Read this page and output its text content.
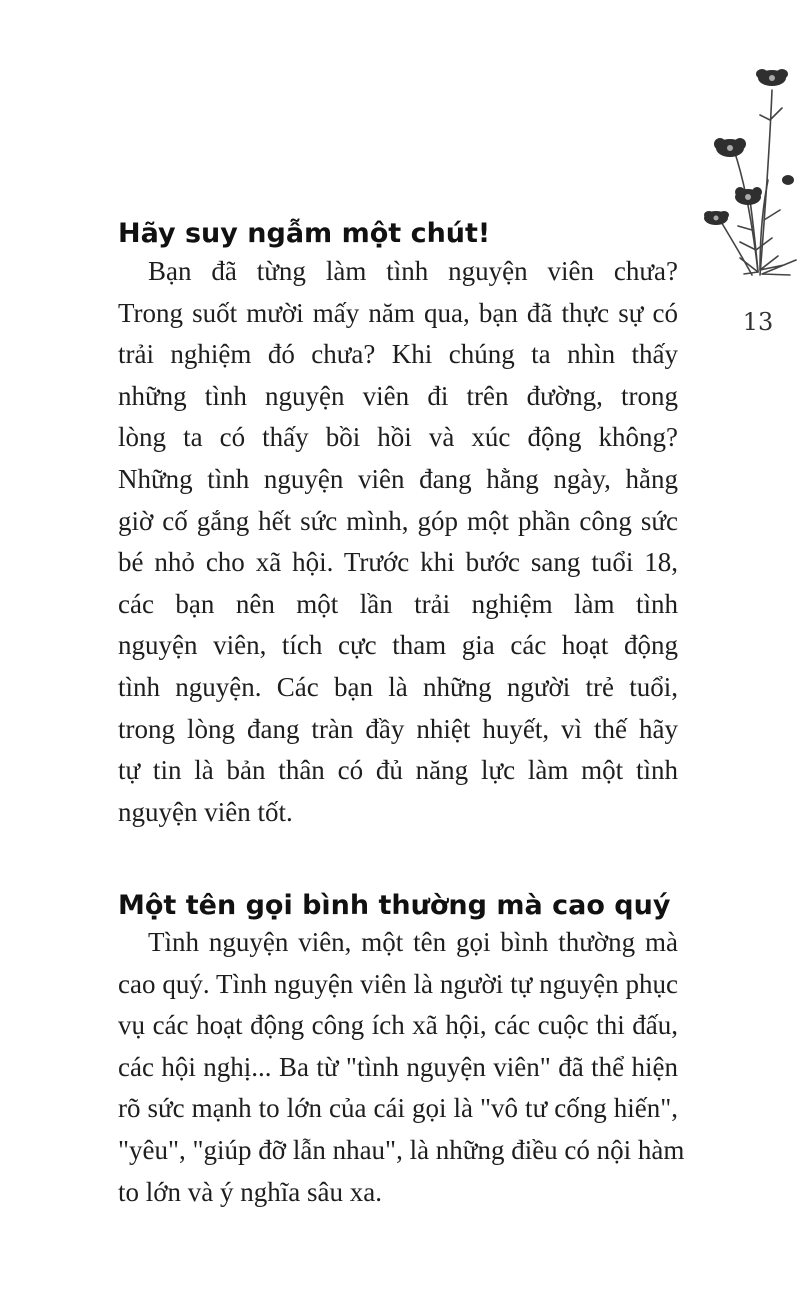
13
Hãy suy ngẫm một chút!

Bạn đã từng làm tình nguyện viên chưa?
Trong suốt mười mấy năm qua, bạn đã thực sự có
trải nghiệm đó chưa? Khi chúng ta nhìn thấy
những tình nguyện viên đi trên đường, trong
lòng ta có thấy bồi hồi và xúc động không?
Những tình nguyện viên đang hằng ngày, hằng
giờ cố gắng hết sức mình, góp một phần công sức
bé nhỏ cho xã hội. Trước khi bước sang tuổi 18,
các bạn nên một lần trải nghiệm làm tình
nguyện viên, tích cực tham gia các hoạt động
tình nguyện. Các bạn là những người trẻ tuổi,
trong lòng đang tràn đầy nhiệt huyết, vì thế hãy
tự tin là bản thân có đủ năng lực làm một tình
nguyện viên tốt.

Một tên gọi bình thường mà cao quý

Tình nguyện viên, một tên gọi bình thường mà
cao quý. Tình nguyện viên là người tự nguyện phục
vụ các hoạt động công ích xã hội, các cuộc thi đấu,
các hội nghị... Ba từ "tình nguyện viên" đã thể hiện
rõ sức mạnh to lớn của cái gọi là "vô tư cống hiến",
"yêu", "giúp đỡ lẫn nhau", là những điều có nội hàm
to lớn và ý nghĩa sâu xa.
